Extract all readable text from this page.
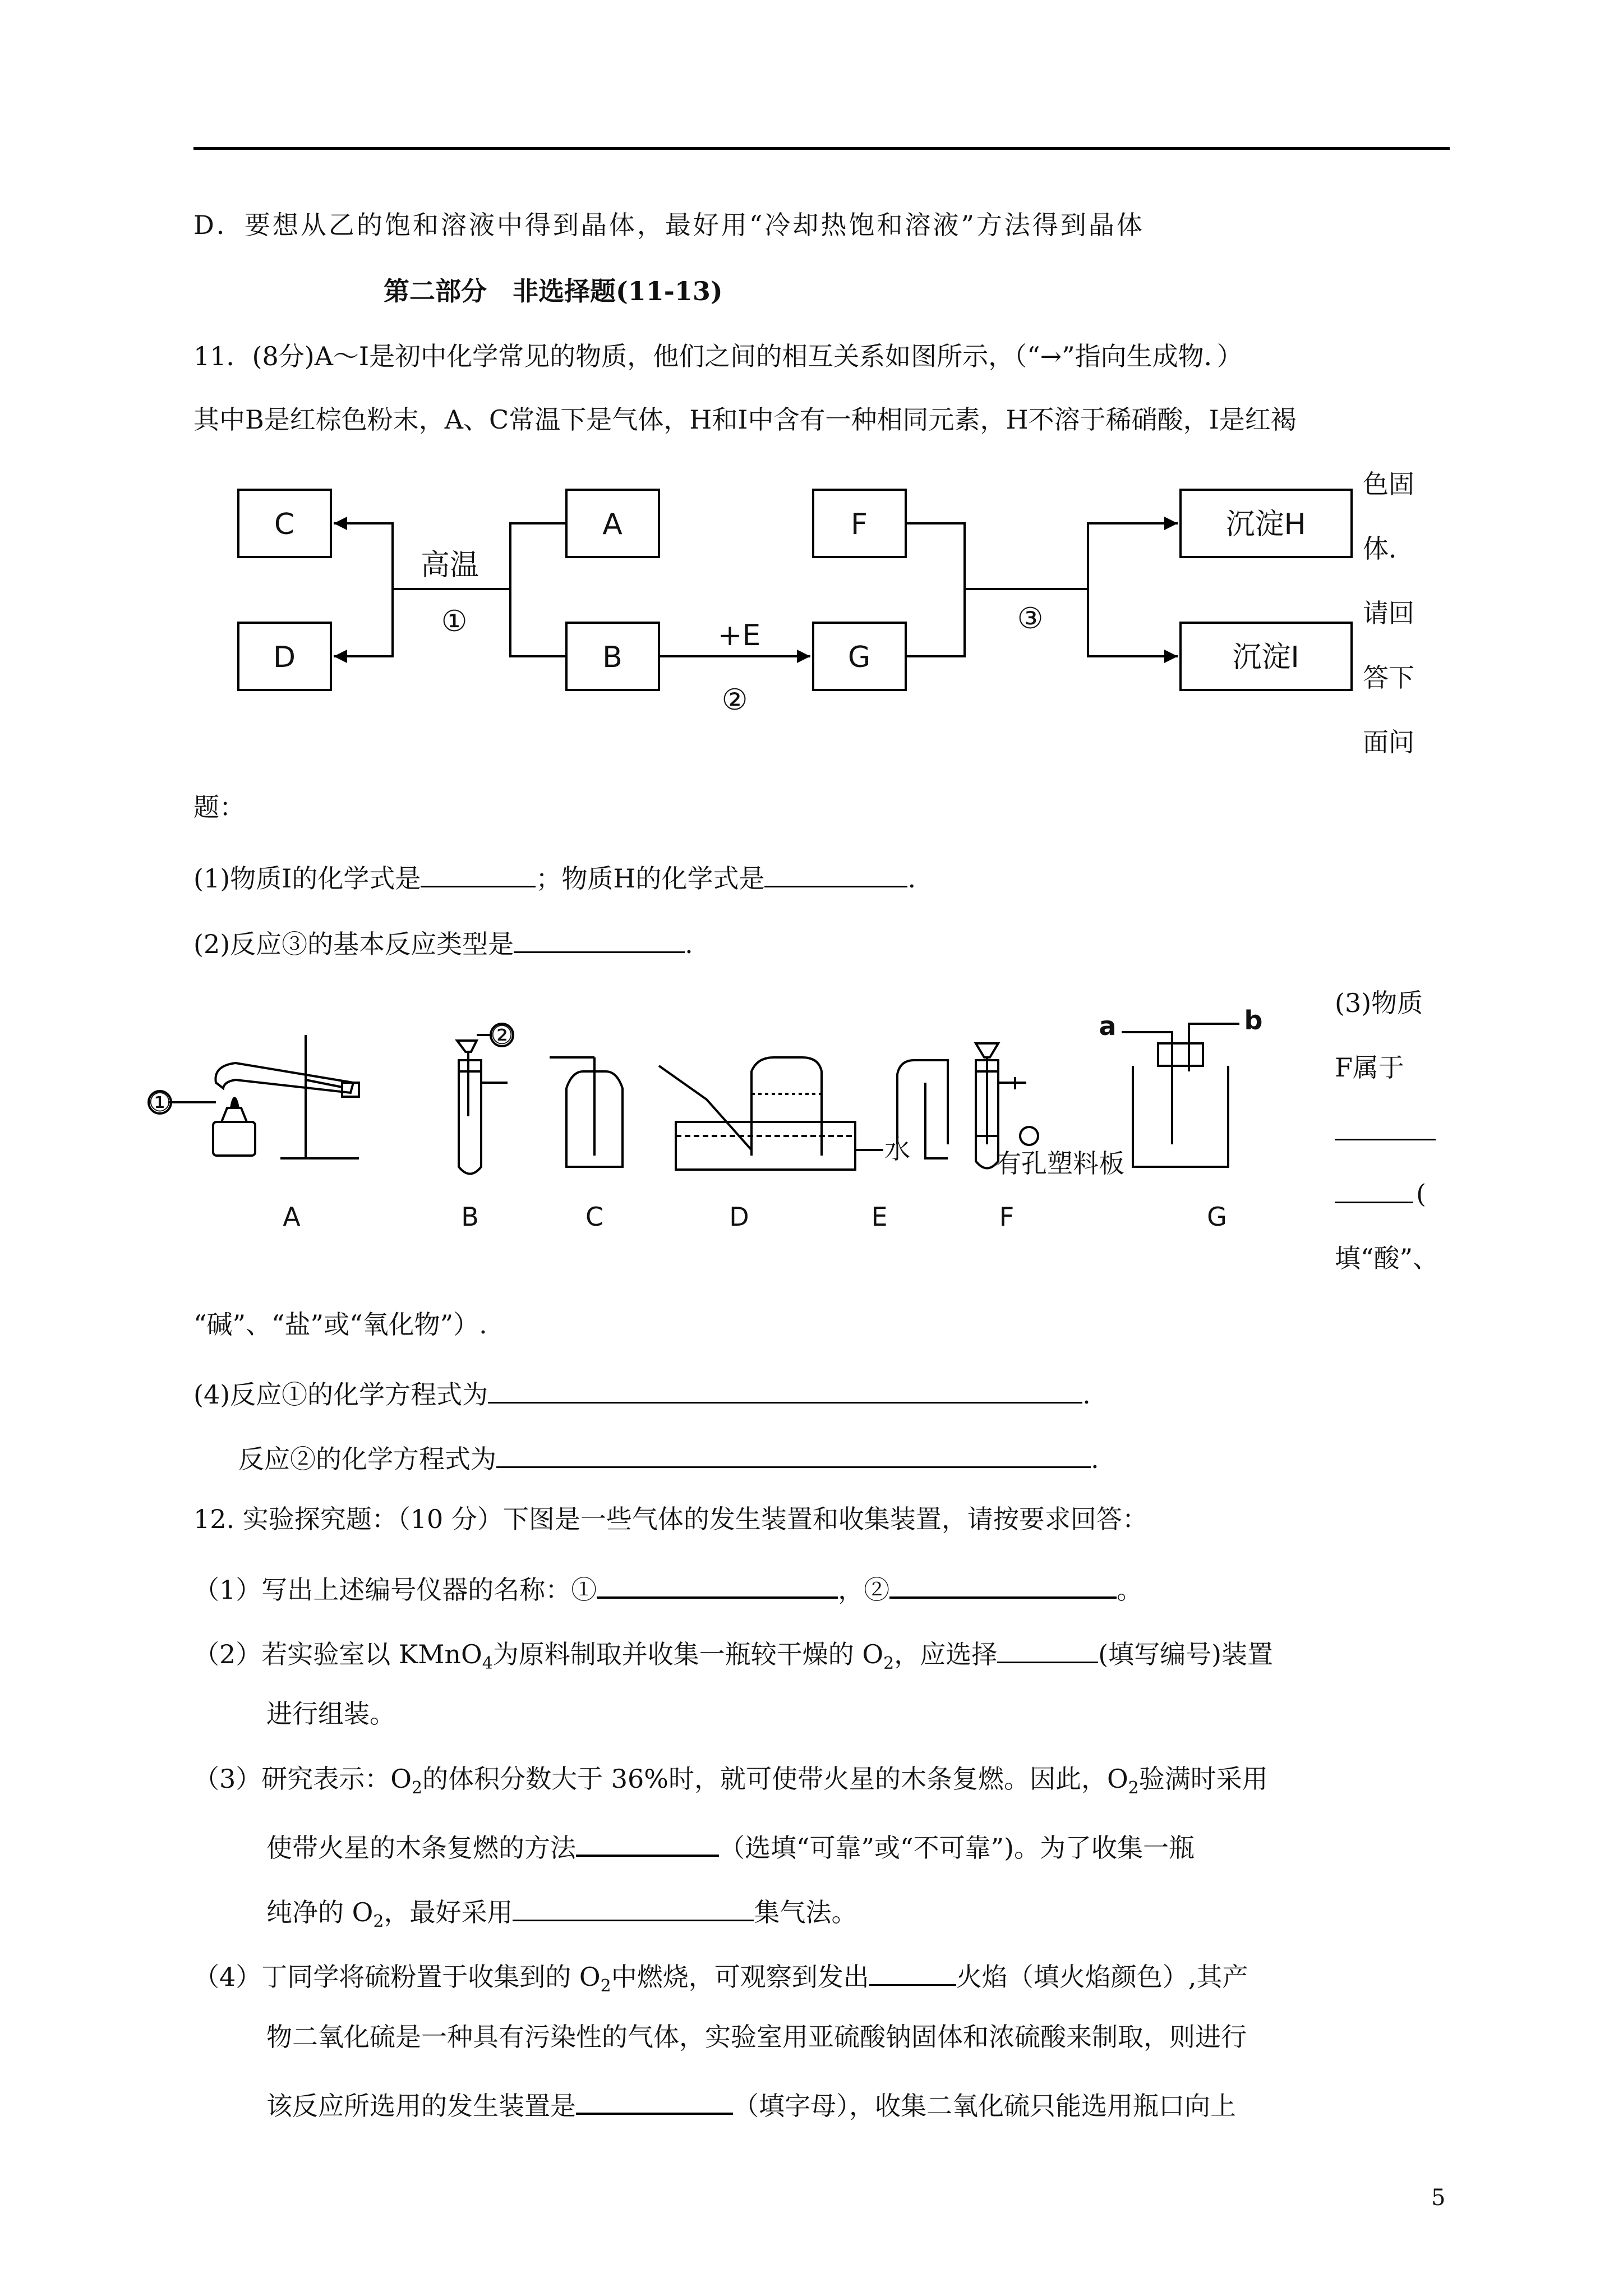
D．要想从乙的饱和溶液中得到晶体，最好用“冷却热饱和溶液”方法得到晶体
第二部分　非选择题(11-13)
11．(8分)A～I是初中化学常见的物质，他们之间的相互关系如图所示，（“→”指向生成物．）
其中B是红棕色粉末，A、C常温下是气体，H和I中含有一种相同元素，H不溶于稀硝酸，I是红褐
色固
体．
请回
答下
面问
C
D
A
B
F
G
沉淀H
沉淀I
高温
①	+E
②
③
题：
(1)物质Ⅰ的化学式是	；物质H的化学式是	.
(2)反应③的基本反应类型是	.
(3)物质
F属于
(
填“酸”、
①
②
水	有孔塑料板
a	b
A	B	C	D	E	F	G
“碱”、“盐”或“氧化物”）.
(4)反应①的化学方程式为	.
反应②的化学方程式为	.
12. 实验探究题：（10 分）下图是一些气体的发生装置和收集装置，请按要求回答：
（1）写出上述编号仪器的名称：①	，②	。
（2）若实验室以 KMnO$_4$为原料制取并收集一瓶较干燥的 $O_2$，应选择	(填写编号)装置
进行组装。
（3）研究表示：$O_2$的体积分数大于 36%时，就可使带火星的木条复燃。因此，$O_2$验满时采用
使带火星的木条复燃的方法	（选填“可靠”或“不可靠”)。为了收集一瓶
纯净的 $O_2$，最好采用	集气法。
（4）丁同学将硫粉置于收集到的 $O_2$中燃烧，可观察到发出	火焰（填火焰颜色）,其产
物二氧化硫是一种具有污染性的气体，实验室用亚硫酸钠固体和浓硫酸来制取，则进行
该反应所选用的发生装置是	（填字母），收集二氧化硫只能选用瓶口向上
5
